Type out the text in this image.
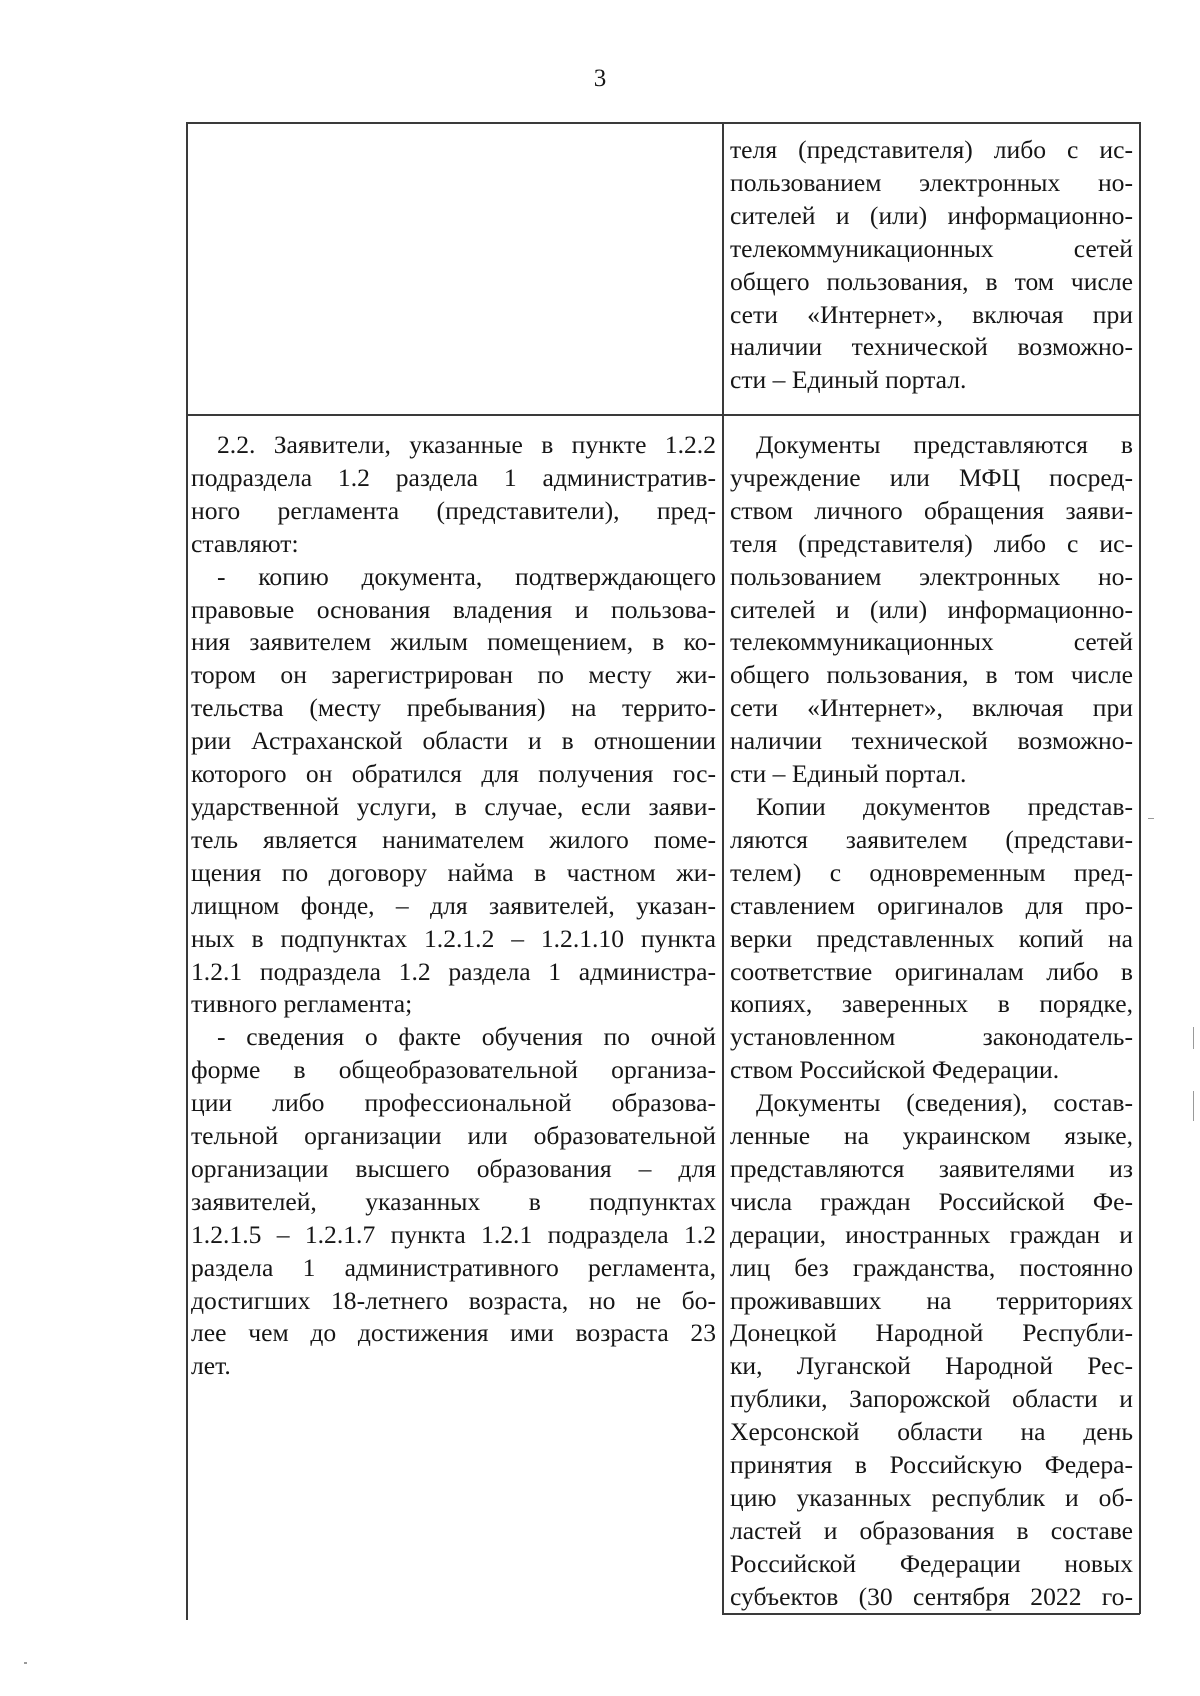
3

теля (представителя) либо с ис-
пользованием электронных но-
сителей и (или) информационно-
телекоммуникационных сетей
общего пользования, в том числе
сети «Интернет», включая при
наличии технической возможно-
сти – Единый портал.

2.2. Заявители, указанные в пункте 1.2.2
подраздела 1.2 раздела 1 административ-
ного регламента (представители), пред-
ставляют:

- копию документа, подтверждающего
правовые основания владения и пользова-
ния заявителем жилым помещением, в ко-
тором он зарегистрирован по месту жи-
тельства (месту пребывания) на террито-
рии Астраханской области и в отношении
которого он обратился для получения гос-
ударственной услуги, в случае, если заяви-
тель является нанимателем жилого поме-
щения по договору найма в частном жи-
лищном фонде, – для заявителей, указан-
ных в подпунктах 1.2.1.2 – 1.2.1.10 пункта
1.2.1 подраздела 1.2 раздела 1 администра-
тивного регламента;

- сведения о факте обучения по очной
форме в общеобразовательной организа-
ции либо профессиональной образова-
тельной организации или образовательной
организации высшего образования – для
заявителей, указанных в подпунктах
1.2.1.5 – 1.2.1.7 пункта 1.2.1 подраздела 1.2
раздела 1 административного регламента,
достигших 18-летнего возраста, но не бо-
лее чем до достижения ими возраста 23
лет.

Документы представляются в
учреждение или МФЦ посред-
ством личного обращения заяви-
теля (представителя) либо с ис-
пользованием электронных но-
сителей и (или) информационно-
телекоммуникационных сетей
общего пользования, в том числе
сети «Интернет», включая при
наличии технической возможно-
сти – Единый портал.

Копии документов представ-
ляются заявителем (представи-
телем) с одновременным пред-
ставлением оригиналов для про-
верки представленных копий на
соответствие оригиналам либо в
копиях, заверенных в порядке,
установленном законодатель-
ством Российской Федерации.

Документы (сведения), состав-
ленные на украинском языке,
представляются заявителями из
числа граждан Российской Фе-
дерации, иностранных граждан и
лиц без гражданства, постоянно
проживавших на территориях
Донецкой Народной Республи-
ки, Луганской Народной Рес-
публики, Запорожской области и
Херсонской области на день
принятия в Российскую Федера-
цию указанных республик и об-
ластей и образования в составе
Российской Федерации новых
субъектов (30 сентября 2022 го-
